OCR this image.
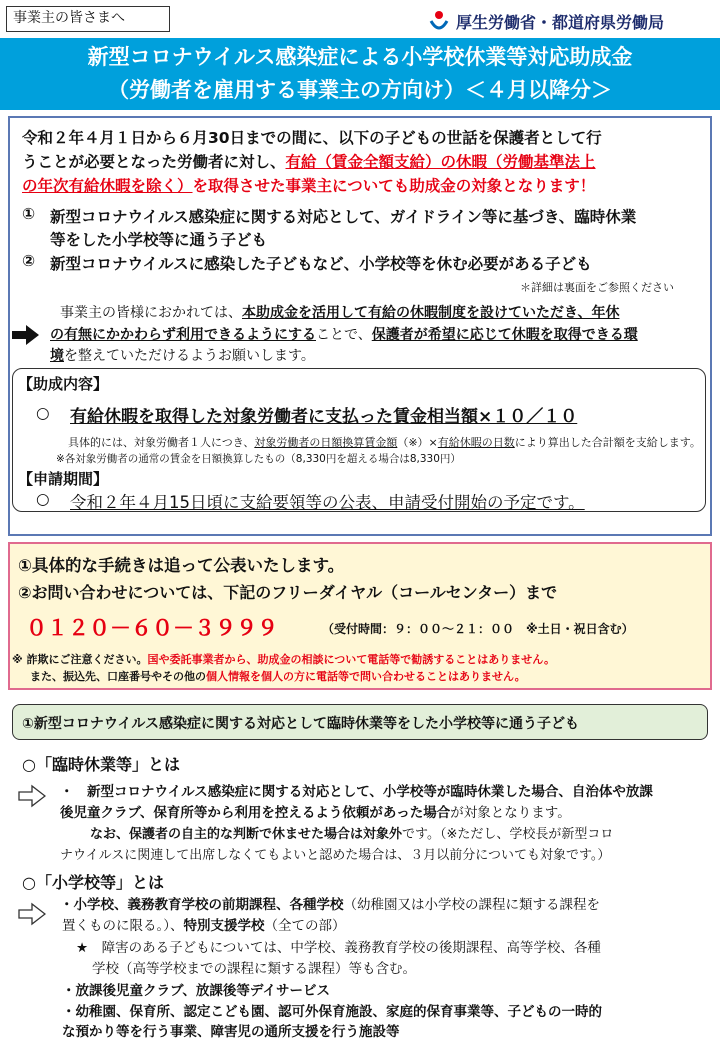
事業主の皆さまへ	厚生労働省・都道府県労働局
新型コロナウイルス感染症による小学校休業等対応助成金
（労働者を雇用する事業主の方向け）＜４月以降分＞
令和２年４月１日から６月30日までの間に、以下の子どもの世話を保護者として行
うことが必要となった労働者に対し、有給（賃金全額支給）の休暇（労働基準法上
の年次有給休暇を除く）を取得させた事業主についても助成金の対象となります！
① 新型コロナウイルス感染症に関する対応として、ガイドライン等に基づき、臨時休業
等をした小学校等に通う子ども
② 新型コロナウイルスに感染した子どもなど、小学校等を休む必要がある子ども
＊詳細は裏面をご参照ください
事業主の皆様におかれては、本助成金を活用して有給の休暇制度を設けていただき、年休
の有無にかかわらず利用できるようにすることで、保護者が希望に応じて休暇を取得できる環
境を整えていただけるようお願いします。
【助成内容】
○ 有給休暇を取得した対象労働者に支払った賃金相当額×１０／１０
具体的には、対象労働者１人につき、対象労働者の日額換算賃金額（※）×有給休暇の日数により算出した合計額を支給します。
※各対象労働者の通常の賃金を日額換算したもの（8,330円を超える場合は8,330円）
【申請期間】
○ 令和２年４月15日頃に支給要領等の公表、申請受付開始の予定です。
①具体的な手続きは追って公表いたします。
②お問い合わせについては、下記のフリーダイヤル（コールセンター）まで
０１２０－６０－３９９９	（受付時間：９：００～２１：００　※土日・祝日含む）
※ 詐欺にご注意ください。国や委託事業者から、助成金の相談について電話等で勧誘することはありません。
また、振込先、口座番号やその他の個人情報を個人の方に電話等で問い合わせることはありません。
①新型コロナウイルス感染症に関する対応として臨時休業等をした小学校等に通う子ども
○「臨時休業等」とは
・　新型コロナウイルス感染症に関する対応として、小学校等が臨時休業した場合、自治体や放課
後児童クラブ、保育所等から利用を控えるよう依頼があった場合が対象となります。
なお、保護者の自主的な判断で休ませた場合は対象外です。（※ただし、学校長が新型コロ
ナウイルスに関連して出席しなくてもよいと認めた場合は、３月以前分についても対象です。）
○「小学校等」とは
・小学校、義務教育学校の前期課程、各種学校（幼稚園又は小学校の課程に類する課程を
置くものに限る。）、特別支援学校（全ての部）
★　障害のある子どもについては、中学校、義務教育学校の後期課程、高等学校、各種
学校（高等学校までの課程に類する課程）等も含む。
・放課後児童クラブ、放課後等デイサービス
・幼稚園、保育所、認定こども園、認可外保育施設、家庭的保育事業等、子どもの一時的
な預かり等を行う事業、障害児の通所支援を行う施設等
